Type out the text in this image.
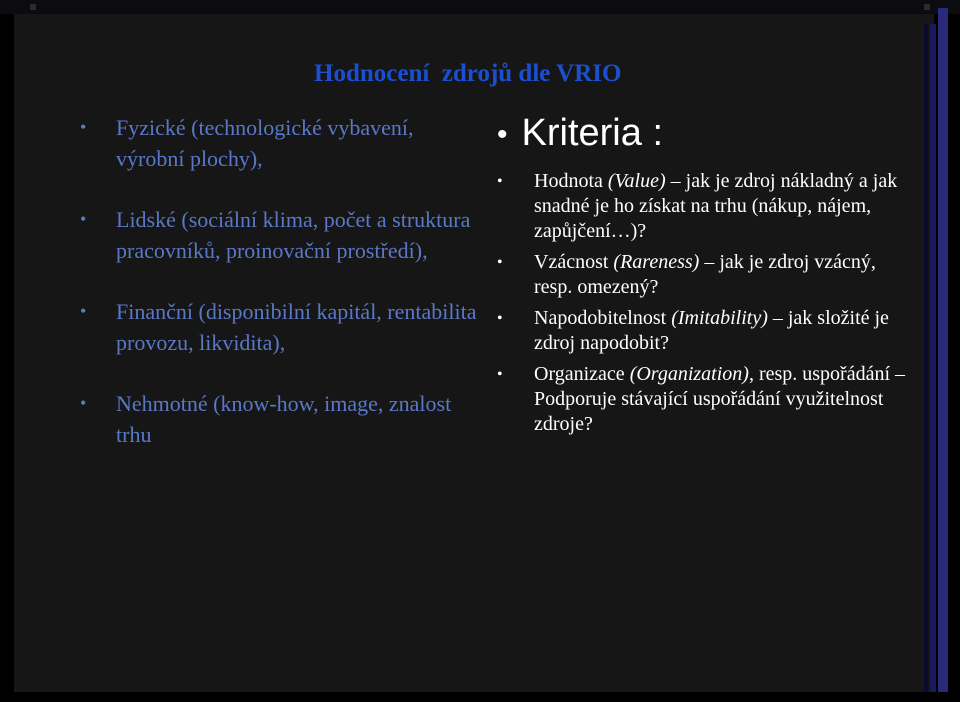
Hodnocení  zdrojů dle VRIO
• Fyzické (technologické vybavení, výrobní plochy),
• Lidské (sociální klima, počet a struktura pracovníků, proinovační prostředí),
• Finanční (disponibilní kapitál, rentabilita provozu, likvidita),
• Nehmotné (know-how, image, znalost trhu
• Kriteria :
• Hodnota (Value) – jak je zdroj nákladný a jak snadné je ho získat na trhu (nákup, nájem, zapůjčení…)?
• Vzácnost (Rareness) – jak je zdroj vzácný, resp. omezený?
• Napodobitelnost (Imitability) – jak složité je zdroj napodobit?
• Organizace (Organization), resp. uspořádání – Podporuje stávající uspořádání využitelnost zdroje?
